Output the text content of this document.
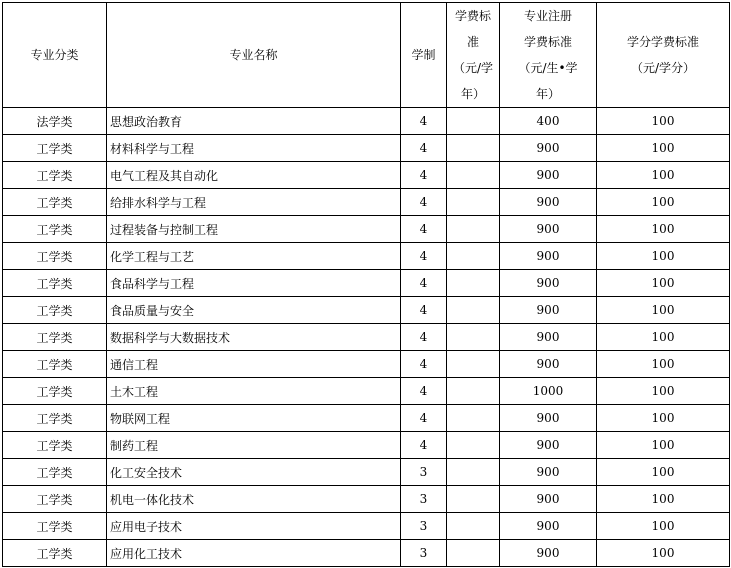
专业分类	专业名称	学制	学费标
准
（元/学
年）	专业注册
学费标准
（元/生•学
年）	学分学费标准
（元/学分）

法学类	思想政治教育	4		400	100
工学类	材料科学与工程	4		900	100
工学类	电气工程及其自动化	4		900	100
工学类	给排水科学与工程	4		900	100
工学类	过程装备与控制工程	4		900	100
工学类	化学工程与工艺	4		900	100
工学类	食品科学与工程	4		900	100
工学类	食品质量与安全	4		900	100
工学类	数据科学与大数据技术	4		900	100
工学类	通信工程	4		900	100
工学类	土木工程	4		1000	100
工学类	物联网工程	4		900	100
工学类	制药工程	4		900	100
工学类	化工安全技术	3		900	100
工学类	机电一体化技术	3		900	100
工学类	应用电子技术	3		900	100
工学类	应用化工技术	3		900	100
